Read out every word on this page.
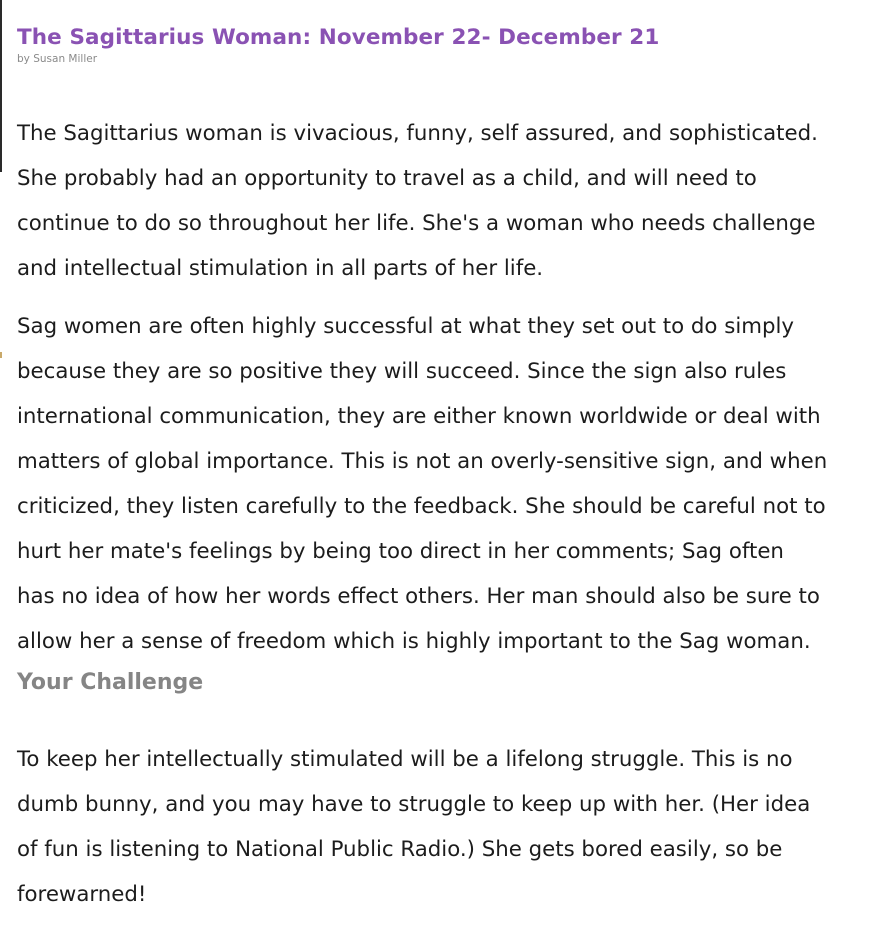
The Sagittarius Woman: November 22- December 21

by Susan Miller

The Sagittarius woman is vivacious, funny, self assured, and sophisticated.
She probably had an opportunity to travel as a child, and will need to
continue to do so throughout her life. She's a woman who needs challenge
and intellectual stimulation in all parts of her life.

Sag women are often highly successful at what they set out to do simply
because they are so positive they will succeed. Since the sign also rules
international communication, they are either known worldwide or deal with
matters of global importance. This is not an overly-sensitive sign, and when
criticized, they listen carefully to the feedback. She should be careful not to
hurt her mate's feelings by being too direct in her comments; Sag often
has no idea of how her words effect others. Her man should also be sure to
allow her a sense of freedom which is highly important to the Sag woman.

Your Challenge

To keep her intellectually stimulated will be a lifelong struggle. This is no
dumb bunny, and you may have to struggle to keep up with her. (Her idea
of fun is listening to National Public Radio.) She gets bored easily, so be
forewarned!
